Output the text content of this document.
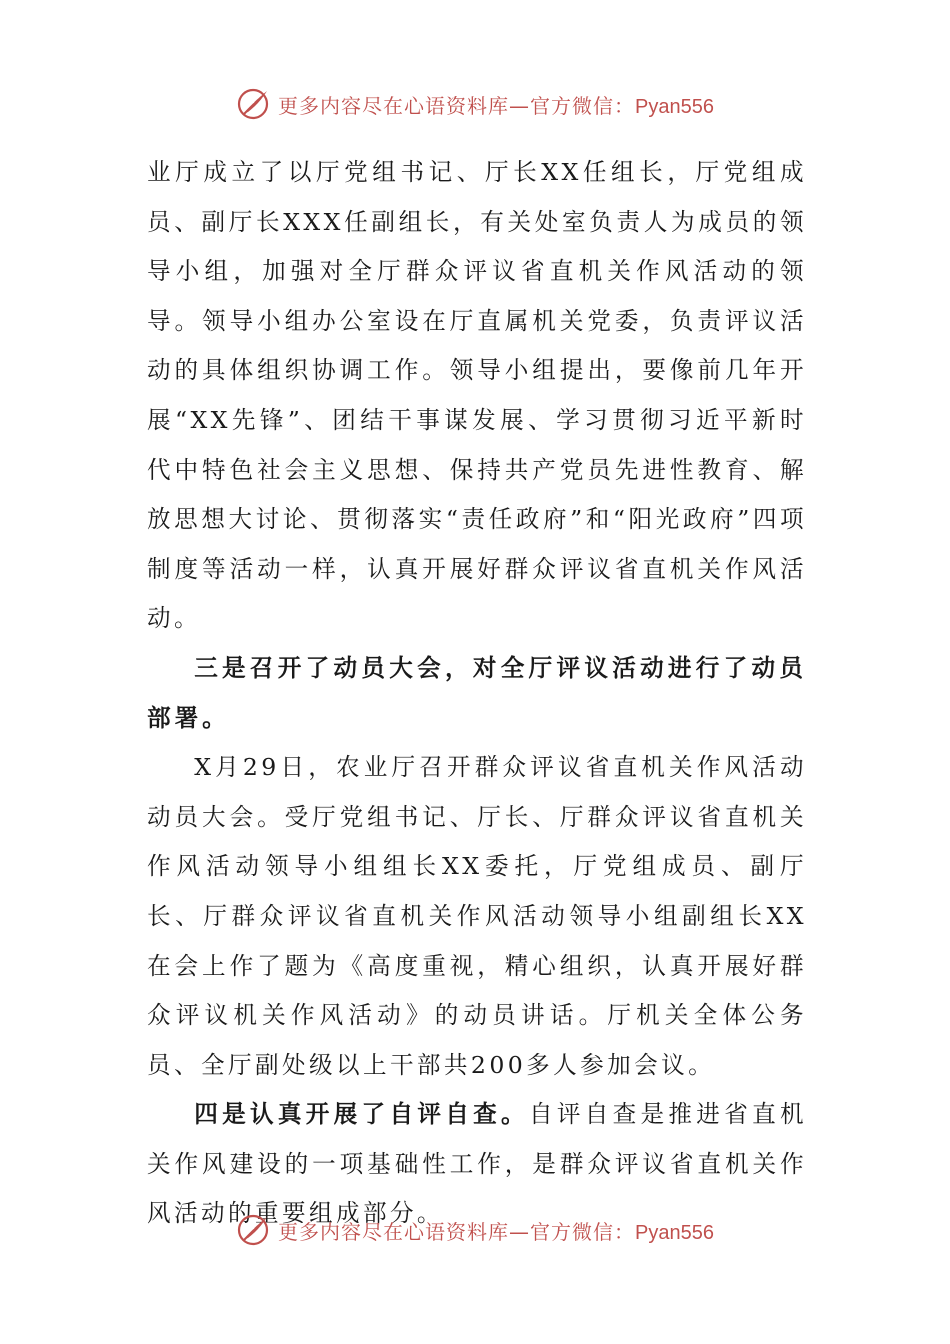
更多内容尽在心语资料库—官方微信：Pyan556

业厅成立了以厅党组书记、厅长XX任组长，厅党组成员、副厅长XXX任副组长，有关处室负责人为成员的领导小组，加强对全厅群众评议省直机关作风活动的领导。领导小组办公室设在厅直属机关党委，负责评议活动的具体组织协调工作。领导小组提出，要像前几年开展“XX先锋”、团结干事谋发展、学习贯彻习近平新时代中特色社会主义思想、保持共产党员先进性教育、解放思想大讨论、贯彻落实“责任政府”和“阳光政府”四项制度等活动一样，认真开展好群众评议省直机关作风活动。

三是召开了动员大会，对全厅评议活动进行了动员部署。

X月29日，农业厅召开群众评议省直机关作风活动动员大会。受厅党组书记、厅长、厅群众评议省直机关作风活动领导小组组长XX委托，厅党组成员、副厅长、厅群众评议省直机关作风活动领导小组副组长XX在会上作了题为《高度重视，精心组织，认真开展好群众评议机关作风活动》的动员讲话。厅机关全体公务员、全厅副处级以上干部共200多人参加会议。

四是认真开展了自评自查。自评自查是推进省直机关作风建设的一项基础性工作，是群众评议省直机关作风活动的重要组成部分。

更多内容尽在心语资料库—官方微信：Pyan556
